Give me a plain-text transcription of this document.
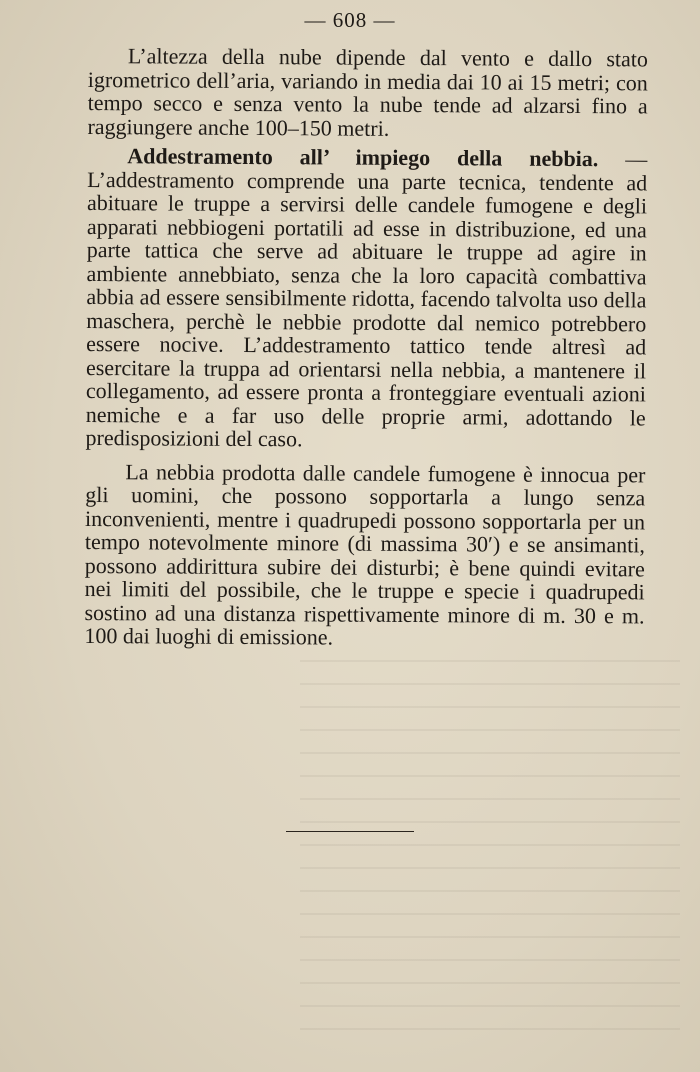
— 608 —

L’altezza della nube dipende dal vento e dallo stato igrometrico dell’aria, variando in media dai 10 ai 15 metri; con tempo secco e senza vento la nube tende ad alzarsi fino a raggiungere anche 100–150 metri.

Addestramento all’ impiego della nebbia. — L’addestramento comprende una parte tecnica, tendente ad abituare le truppe a servirsi delle candele fumogene e degli apparati nebbiogeni portatili ad esse in distribuzione, ed una parte tattica che serve ad abituare le truppe ad agire in ambiente annebbiato, senza che la loro capacità combattiva abbia ad essere sensibilmente ridotta, facendo talvolta uso della maschera, perchè le nebbie prodotte dal nemico potrebbero essere nocive. L’addestramento tattico tende altresì ad esercitare la truppa ad orientarsi nella nebbia, a mantenere il collegamento, ad essere pronta a fronteggiare eventuali azioni nemiche e a far uso delle proprie armi, adottando le predisposizioni del caso.

La nebbia prodotta dalle candele fumogene è innocua per gli uomini, che possono sopportarla a lungo senza inconvenienti, mentre i quadrupedi possono sopportarla per un tempo notevolmente minore (di massima 30′) e se ansimanti, possono addirittura subire dei disturbi; è bene quindi evitare nei limiti del possibile, che le truppe e specie i quadrupedi sostino ad una distanza rispettivamente minore di m. 30 e m. 100 dai luoghi di emissione.
